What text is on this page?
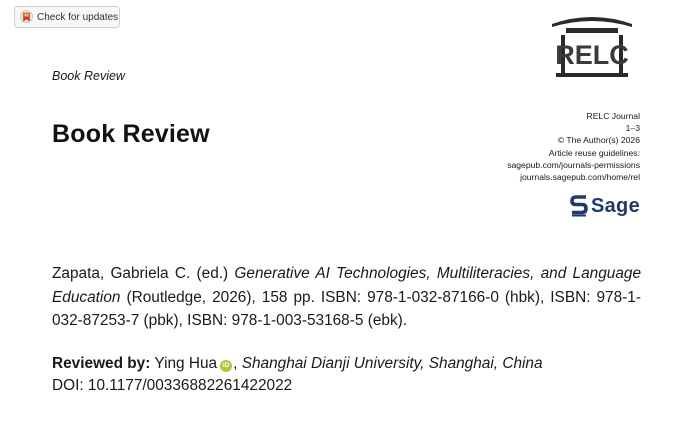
Check for updates
RELC
Book Review
Book Review
RELC Journal
1–3
© The Author(s) 2026
Article reuse guidelines:
sagepub.com/journals-permissions
journals.sagepub.com/home/rel
Sage

Zapata, Gabriela C. (ed.) Generative AI Technologies, Multiliteracies, and Language Education (Routledge, 2026), 158 pp. ISBN: 978-1-032-87166-0 (hbk), ISBN: 978-1-032-87253-7 (pbk), ISBN: 978-1-003-53168-5 (ebk).

Reviewed by: Ying Hua iD , Shanghai Dianji University, Shanghai, China
DOI: 10.1177/00336882261422022
